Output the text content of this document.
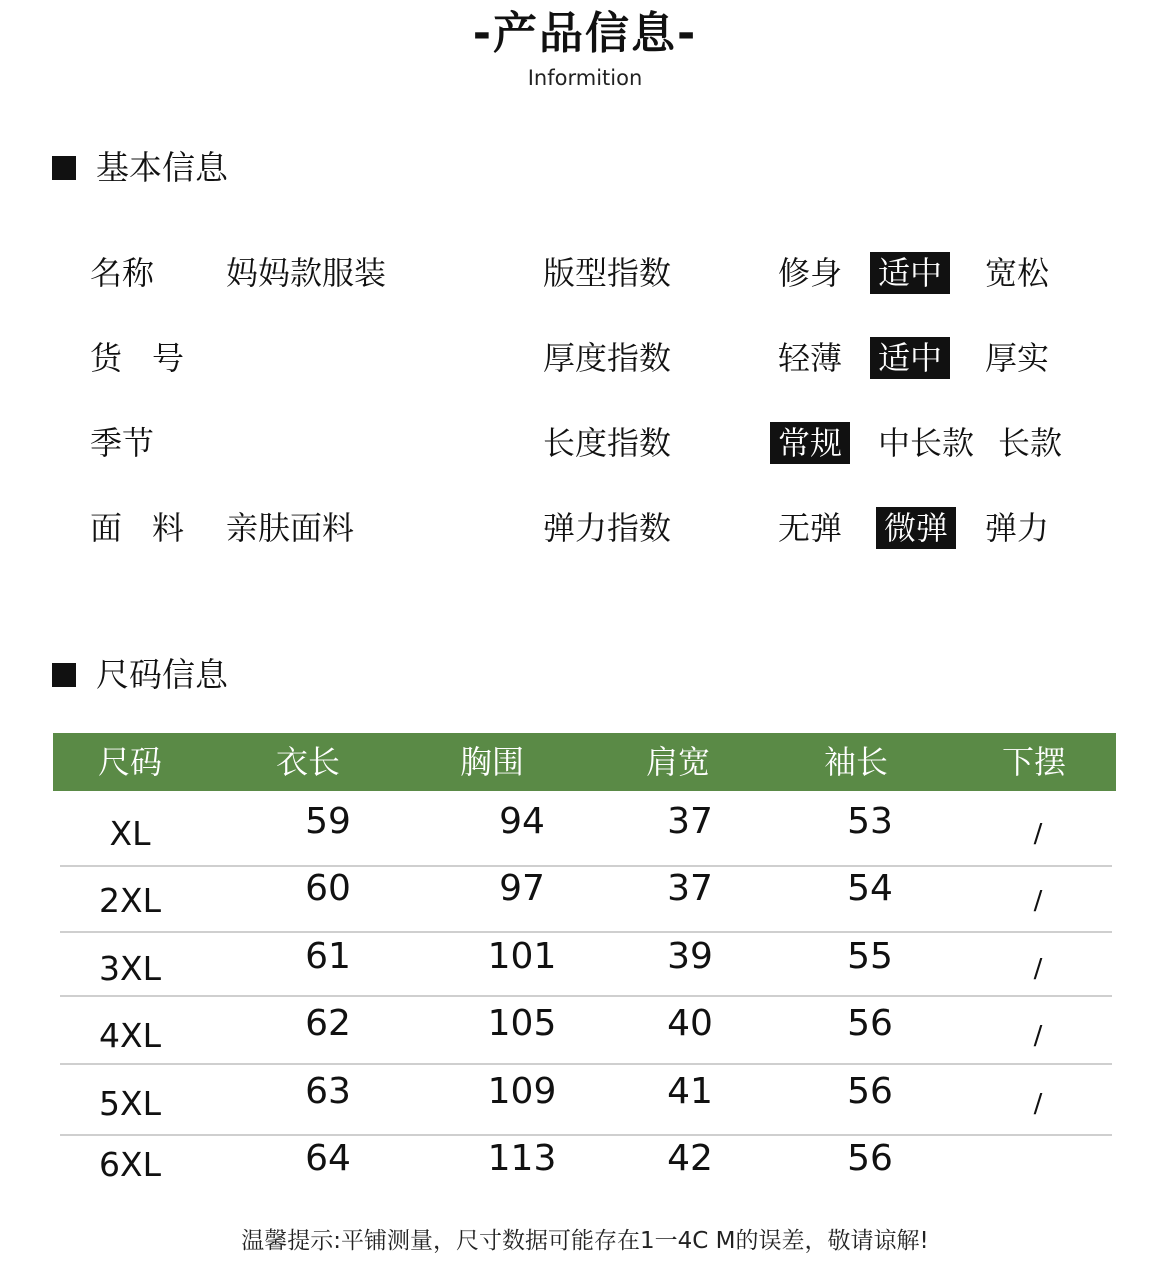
-产品信息-
Informition
基本信息
名称 妈妈款服装
货号
季节
面料 亲肤面料
版型指数	修身 适中 宽松
厚度指数	轻薄 适中 厚实
长度指数	常规 中长款 长款
弹力指数	无弹 微弹 弹力
尺码信息
尺码	衣长	胸围	肩宽	袖长	下摆
XL	59	94	37	53	/
2XL	60	97	37	54	/
3XL	61	101	39	55	/
4XL	62	105	40	56	/
5XL	63	109	41	56	/
6XL	64	113	42	56
温馨提示:平铺测量，尺寸数据可能存在1一4C M的误差，敬请谅解!
